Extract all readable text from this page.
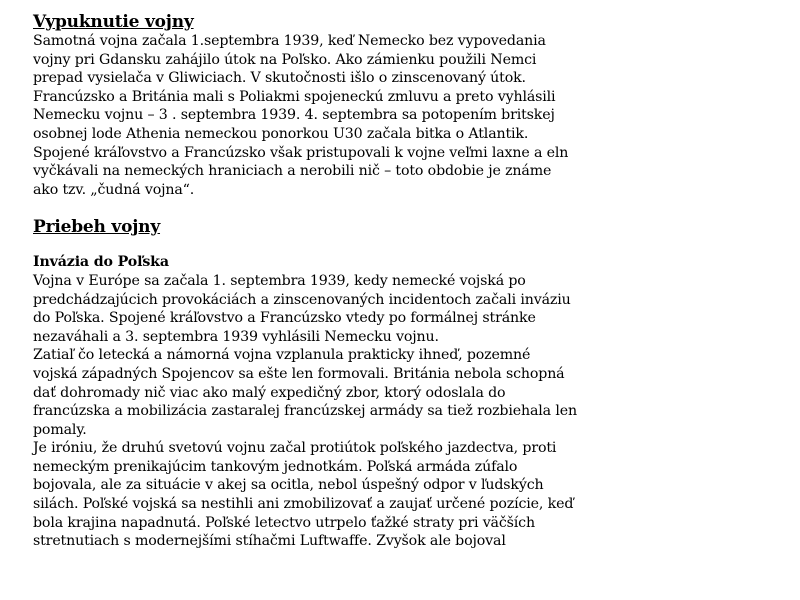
Vypuknutie vojny
Samotná vojna začala 1.septembra 1939, keď Nemecko bez vypovedania
vojny pri Gdansku zahájilo útok na Poľsko. Ako zámienku použili Nemci
prepad vysielača v Gliwiciach. V skutočnosti išlo o zinscenovaný útok.
Francúzsko a Británia mali s Poliakmi spojeneckú zmluvu a preto vyhlásili
Nemecku vojnu – 3 . septembra 1939. 4. septembra sa potopením britskej
osobnej lode Athenia nemeckou ponorkou U30 začala bitka o Atlantik.
Spojené kráľovstvo a Francúzsko však pristupovali k vojne veľmi laxne a eln
vyčkávali na nemeckých hraniciach a nerobili nič – toto obdobie je známe
ako tzv. „čudná vojna“.
Priebeh vojny
Invázia do Poľska
Vojna v Európe sa začala 1. septembra 1939, kedy nemecké vojská po
predchádzajúcich provokáciách a zinscenovaných incidentoch začali inváziu
do Poľska. Spojené kráľovstvo a Francúzsko vtedy po formálnej stránke
nezaváhali a 3. septembra 1939 vyhlásili Nemecku vojnu.
Zatiaľ čo letecká a námorná vojna vzplanula prakticky ihneď, pozemné
vojská západných Spojencov sa ešte len formovali. Británia nebola schopná
dať dohromady nič viac ako malý expedičný zbor, ktorý odoslala do
francúzska a mobilizácia zastaralej francúzskej armády sa tiež rozbiehala len
pomaly.
Je iróniu, že druhú svetovú vojnu začal protiútok poľského jazdectva, proti
nemeckým prenikajúcim tankovým jednotkám. Poľská armáda zúfalo
bojovala, ale za situácie v akej sa ocitla, nebol úspešný odpor v ľudských
silách. Poľské vojská sa nestihli ani zmobilizovať a zaujať určené pozície, keď
bola krajina napadnutá. Poľské letectvo utrpelo ťažké straty pri väčších
stretnutiach s modernejšími stíhačmi Luftwaffe. Zvyšok ale bojoval
